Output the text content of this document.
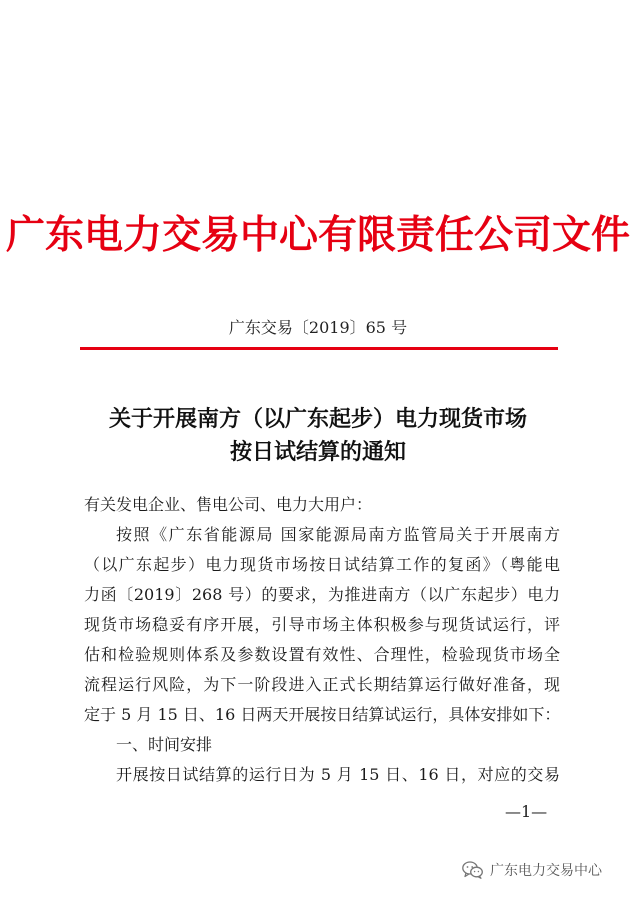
广东电力交易中心有限责任公司文件
广东交易〔2019〕65 号
关于开展南方（以广东起步）电力现货市场
按日试结算的通知
有关发电企业、售电公司、电力大用户：
按照《广东省能源局 国家能源局南方监管局关于开展南方
（以广东起步）电力现货市场按日试结算工作的复函》（粤能电
力函〔2019〕268 号）的要求，为推进南方（以广东起步）电力
现货市场稳妥有序开展，引导市场主体积极参与现货试运行，评
估和检验规则体系及参数设置有效性、合理性，检验现货市场全
流程运行风险，为下一阶段进入正式长期结算运行做好准备，现
定于 5 月 15 日、16 日两天开展按日结算试运行，具体安排如下：
一、时间安排
开展按日试结算的运行日为 5 月 15 日、16 日，对应的交易
—1—
广东电力交易中心
